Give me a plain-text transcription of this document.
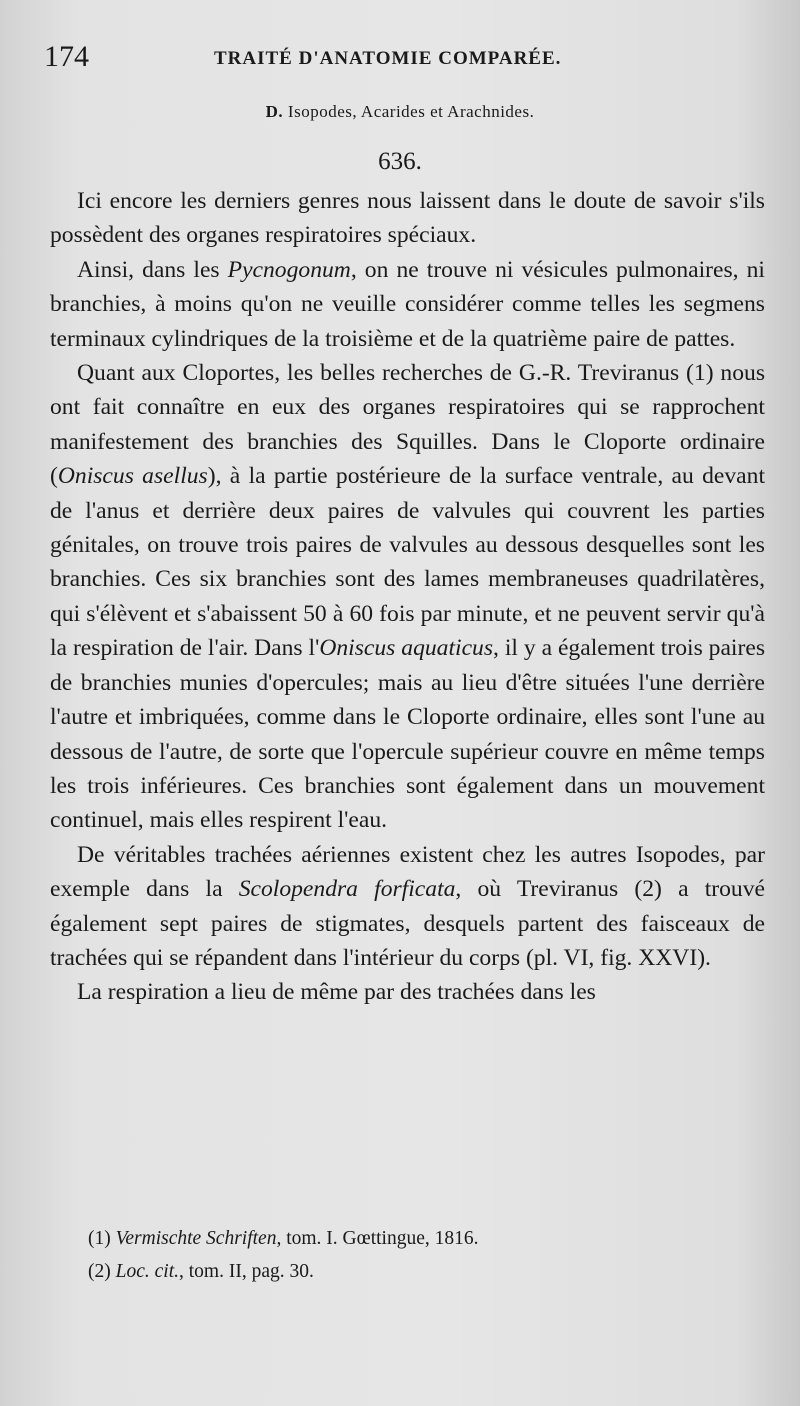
174	TRAITÉ D'ANATOMIE COMPARÉE.
D. Isopodes, Acarides et Arachnides.
636.

Ici encore les derniers genres nous laissent dans le doute de savoir s'ils possèdent des organes respiratoires spéciaux.

Ainsi, dans les Pycnogonum, on ne trouve ni vésicules pulmonaires, ni branchies, à moins qu'on ne veuille considérer comme telles les segmens terminaux cylindriques de la troisième et de la quatrième paire de pattes.

Quant aux Cloportes, les belles recherches de G.-R. Treviranus (1) nous ont fait connaître en eux des organes respiratoires qui se rapprochent manifestement des branchies des Squilles. Dans le Cloporte ordinaire (Oniscus asellus), à la partie postérieure de la surface ventrale, au devant de l'anus et derrière deux paires de valvules qui couvrent les parties génitales, on trouve trois paires de valvules au dessous desquelles sont les branchies. Ces six branchies sont des lames membraneuses quadrilatères, qui s'élèvent et s'abaissent 50 à 60 fois par minute, et ne peuvent servir qu'à la respiration de l'air. Dans l'Oniscus aquaticus, il y a également trois paires de branchies munies d'opercules; mais au lieu d'être situées l'une derrière l'autre et imbriquées, comme dans le Cloporte ordinaire, elles sont l'une au dessous de l'autre, de sorte que l'opercule supérieur couvre en même temps les trois inférieures. Ces branchies sont également dans un mouvement continuel, mais elles respirent l'eau.

De véritables trachées aériennes existent chez les autres Isopodes, par exemple dans la Scolopendra forficata, où Treviranus (2) a trouvé également sept paires de stigmates, desquels partent des faisceaux de trachées qui se répandent dans l'intérieur du corps (pl. VI, fig. XXVI).

La respiration a lieu de même par des trachées dans les

(1) Vermischte Schriften, tom. I. Gœttingue, 1816.
(2) Loc. cit., tom. II, pag. 30.
